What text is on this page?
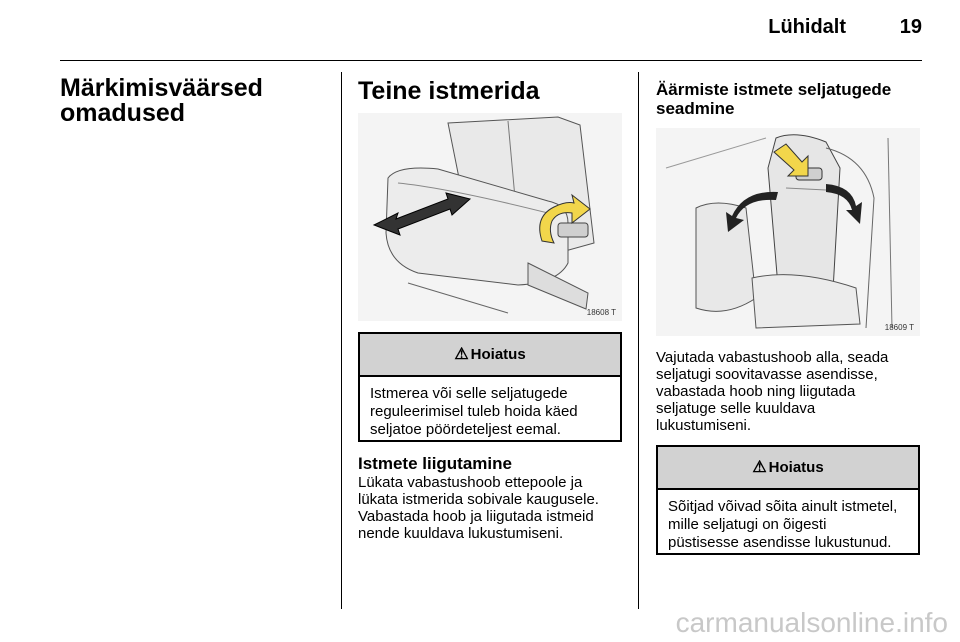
Lühidalt	19
Märkimisväärsed
omadused
Teine istmerida
18608 T
⚠ Hoiatus
Istmerea või selle seljatugede
reguleerimisel tuleb hoida käed
seljatoe pöördeteljest eemal.
Istmete liigutamine
Lükata vabastushoob ettepoole ja
lükata istmerida sobivale kaugusele.
Vabastada hoob ja liigutada istmeid
nende kuuldava lukustumiseni.
Äärmiste istmete seljatugede
seadmine
18609 T
Vajutada vabastushoob alla, seada
seljatugi soovitavasse asendisse,
vabastada hoob ning liigutada
seljatuge selle kuuldava
lukustumiseni.
⚠ Hoiatus
Sõitjad võivad sõita ainult istmetel,
mille seljatugi on õigesti
püstisesse asendisse lukustunud.
carmanualsonline.info
